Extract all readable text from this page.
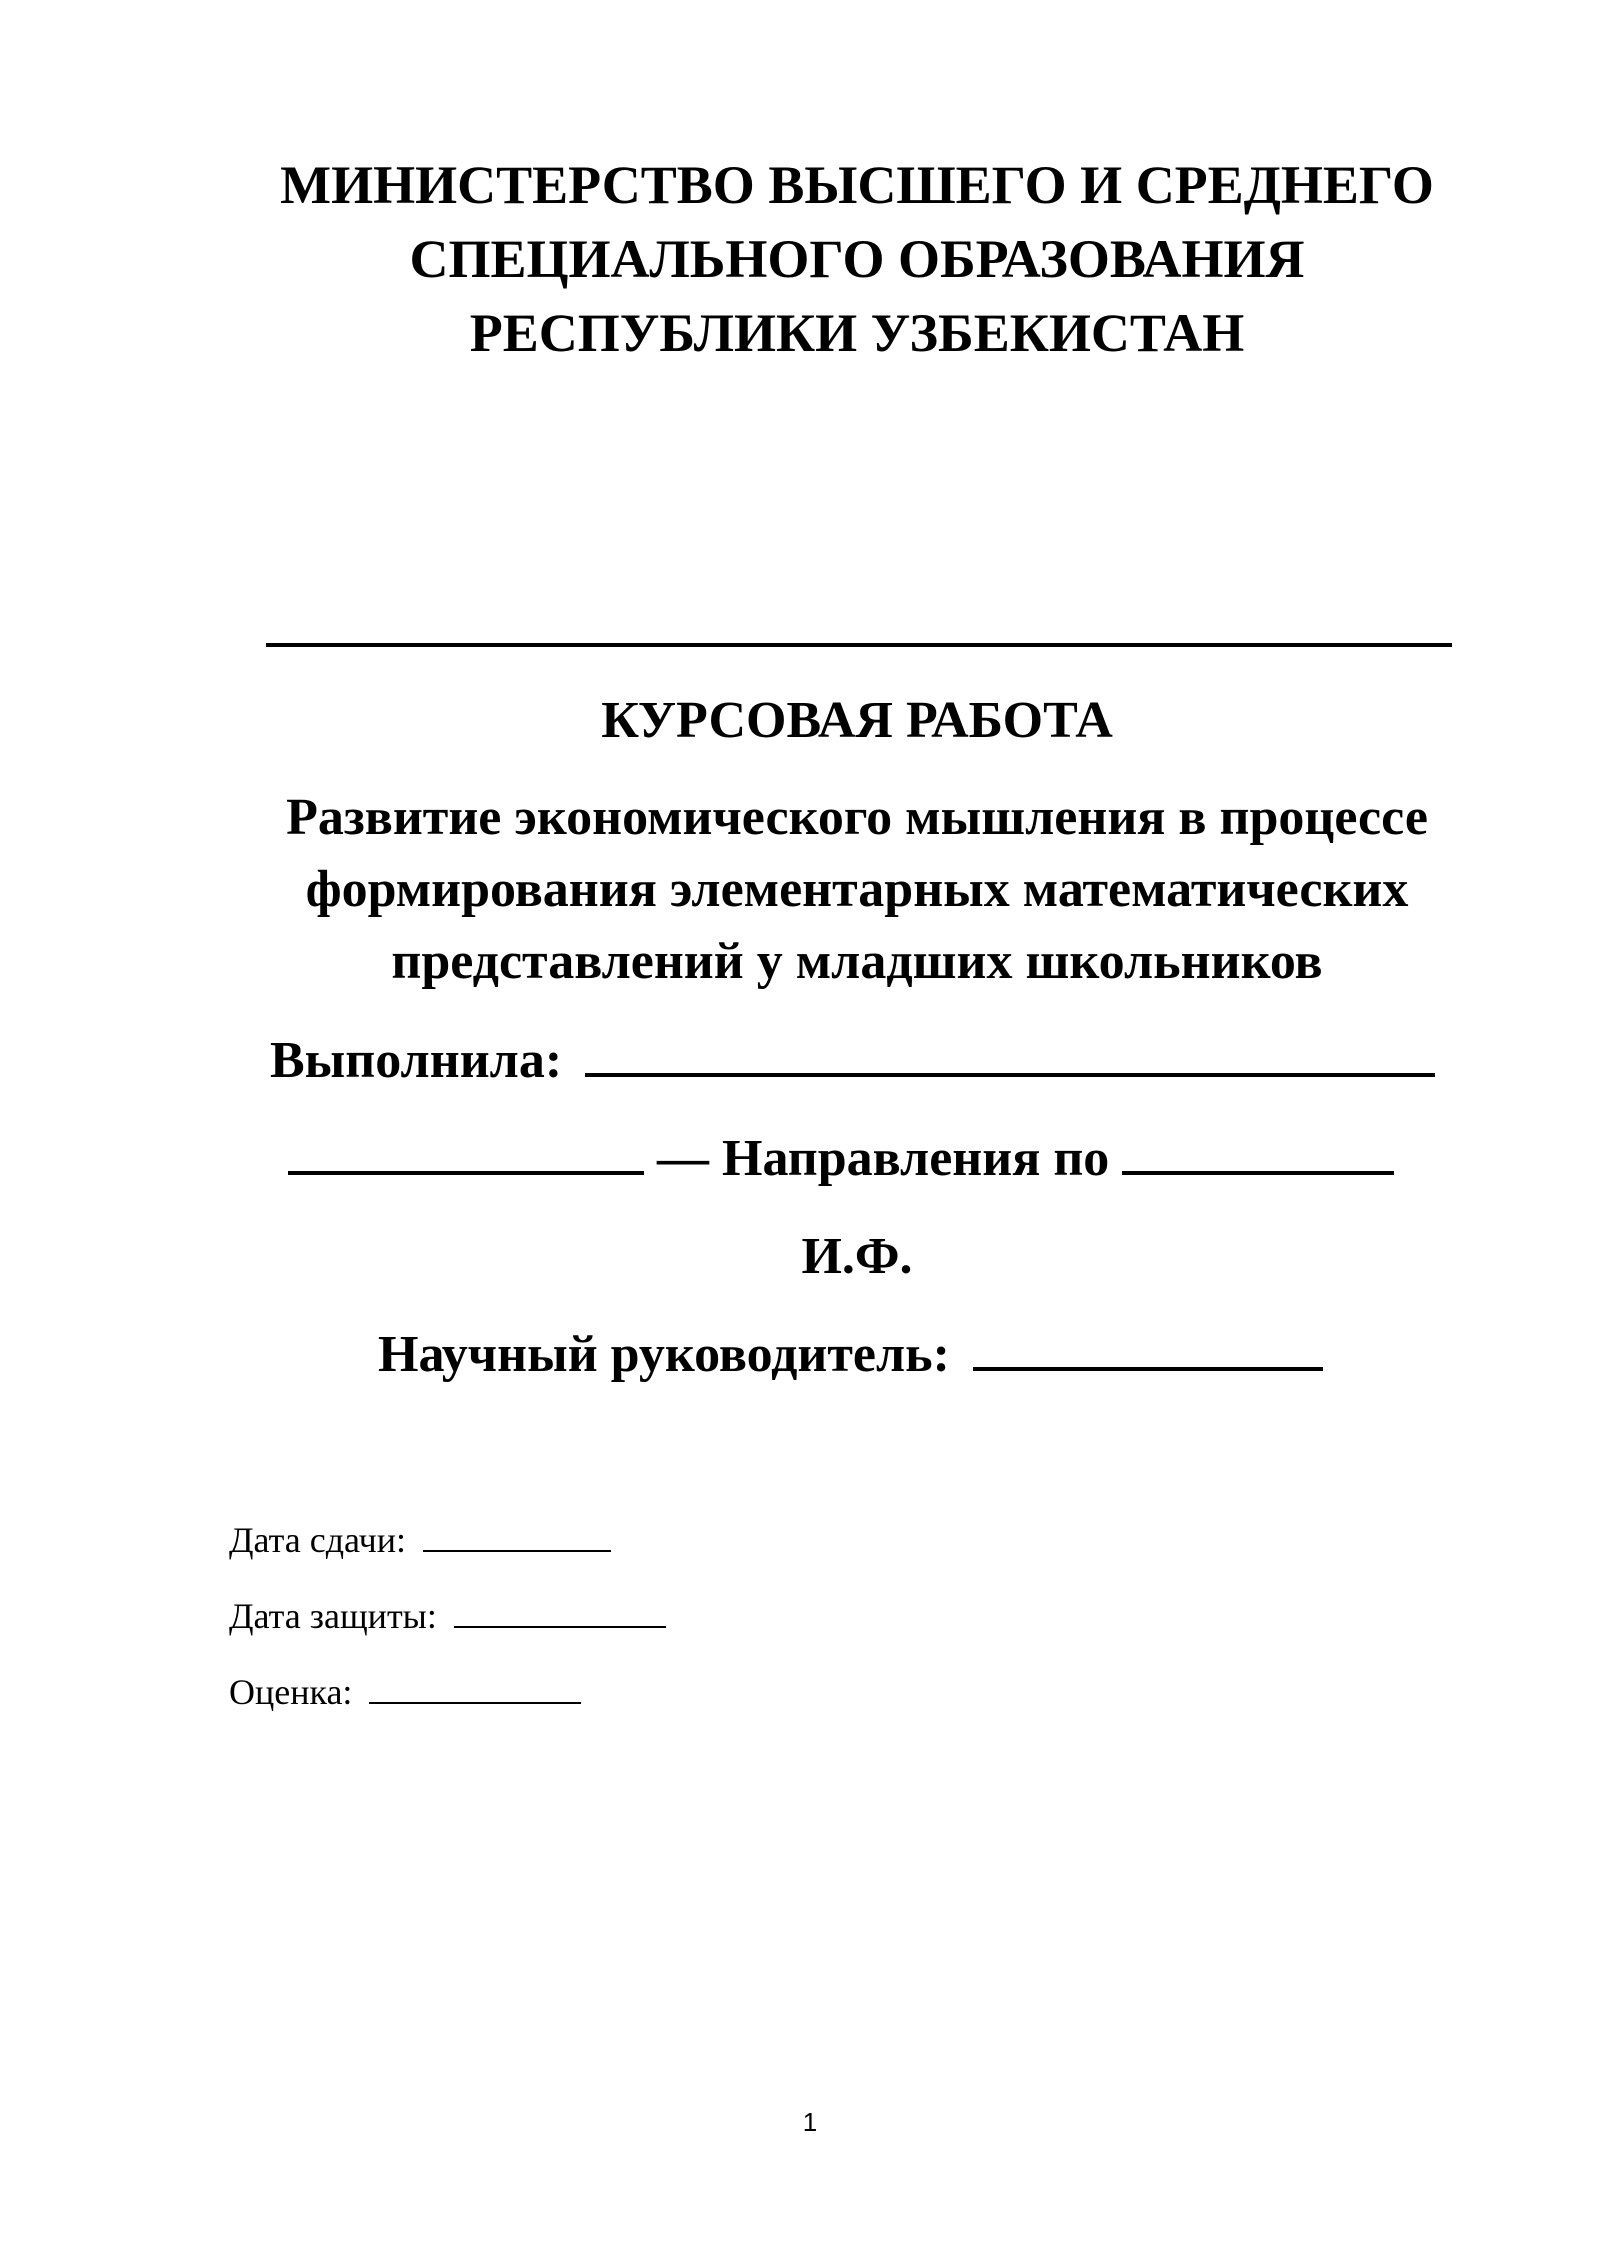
МИНИСТЕРСТВО ВЫСШЕГО И СРЕДНЕГО
СПЕЦИАЛЬНОГО ОБРАЗОВАНИЯ
РЕСПУБЛИКИ УЗБЕКИСТАН
КУРСОВАЯ РАБОТА
Развитие экономического мышления в процессе
формирования элементарных математических
представлений у младших школьников
Выполнила:
— Направления по
И.Ф.
Научный руководитель:
Дата сдачи:
Дата защиты:
Оценка:
1
